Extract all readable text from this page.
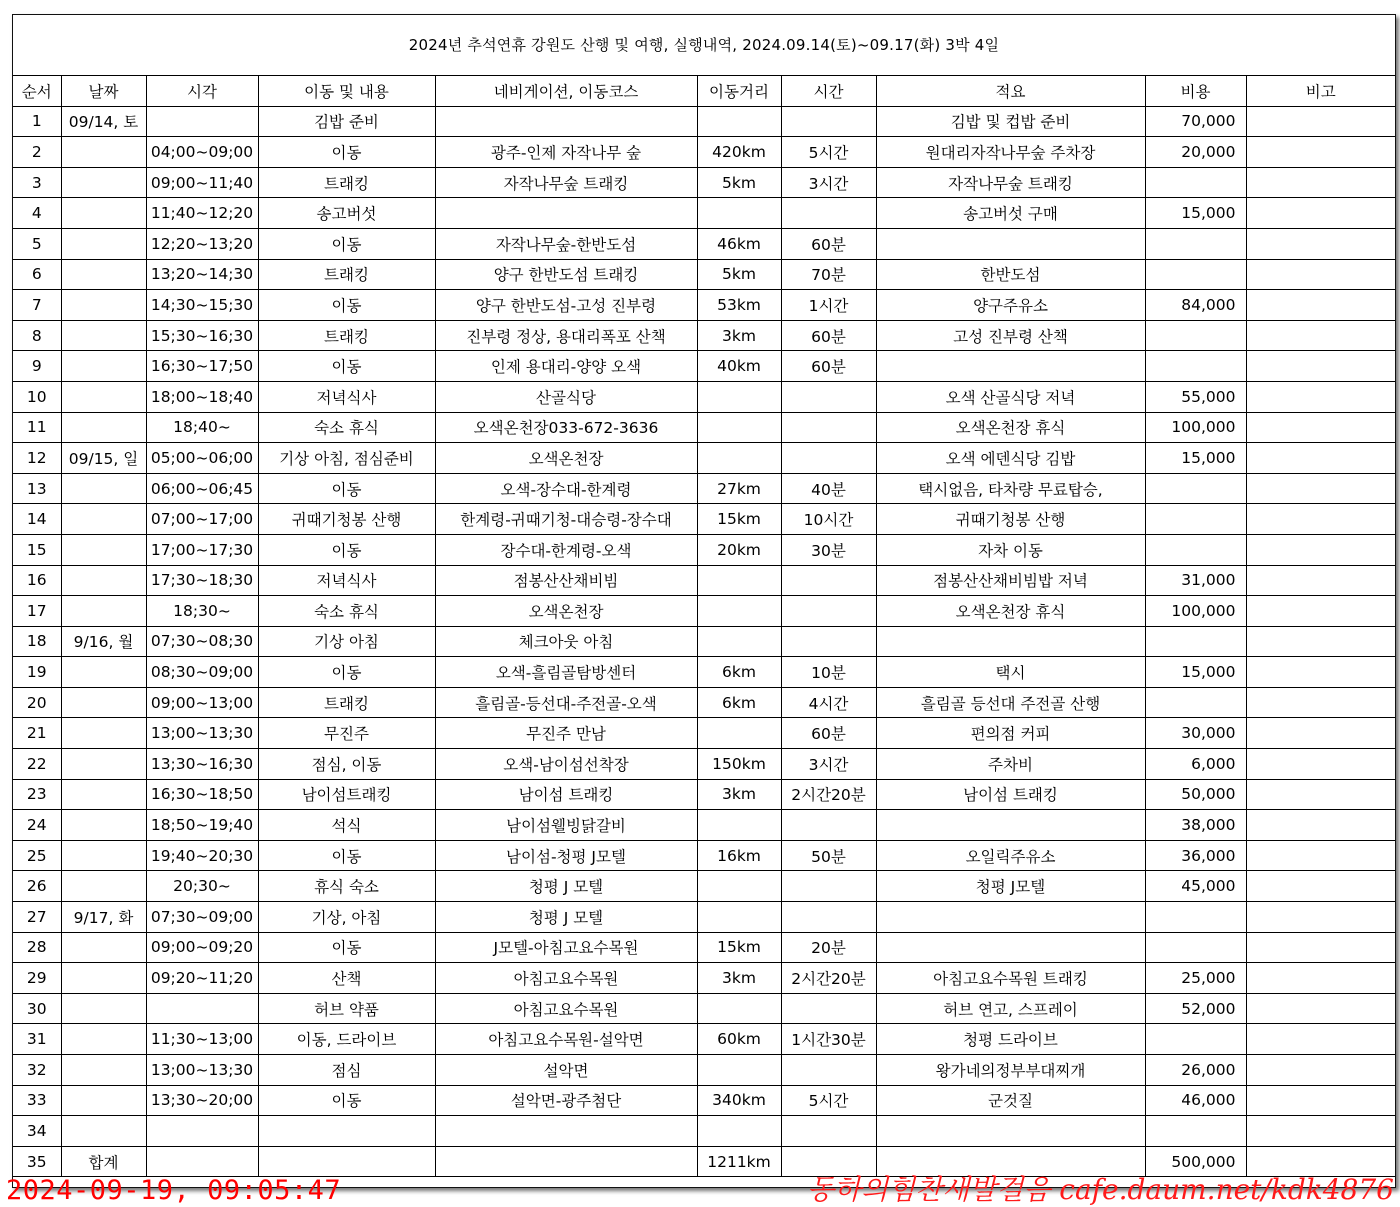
2024년 추석연휴 강원도 산행 및 여행, 실행내역, 2024.09.14(토)~09.17(화) 3박 4일
순서	날짜	시각	이동 및 내용	네비게이션, 이동코스	이동거리	시간	적요	비용	비고
1	09/14, 토		김밥 준비				김밥 및 컵밥 준비	70,000	
2		04;00~09;00	이동	광주-인제 자작나무 숲	420km	5시간	원대리자작나무숲 주차장	20,000	
3		09;00~11;40	트래킹	자작나무숲 트래킹	5km	3시간	자작나무숲 트래킹		
4		11;40~12;20	송고버섯				송고버섯 구매	15,000	
5		12;20~13;20	이동	자작나무숲-한반도섬	46km	60분			
6		13;20~14;30	트래킹	양구 한반도섬 트래킹	5km	70분	한반도섬		
7		14;30~15;30	이동	양구 한반도섬-고성 진부령	53km	1시간	양구주유소	84,000	
8		15;30~16;30	트래킹	진부령 정상, 용대리폭포 산책	3km	60분	고성 진부령 산책		
9		16;30~17;50	이동	인제 용대리-양양 오색	40km	60분			
10		18;00~18;40	저녁식사	산골식당			오색 산골식당 저녁	55,000	
11		18;40~	숙소 휴식	오색온천장033-672-3636			오색온천장 휴식	100,000	
12	09/15, 일	05;00~06;00	기상 아침, 점심준비	오색온천장			오색 에덴식당 김밥	15,000	
13		06;00~06;45	이동	오색-장수대-한계령	27km	40분	택시없음, 타차량 무료탑승,		
14		07;00~17;00	귀때기청봉 산행	한계령-귀때기청-대승령-장수대	15km	10시간	귀때기청봉 산행		
15		17;00~17;30	이동	장수대-한계령-오색	20km	30분	자차 이동		
16		17;30~18;30	저녁식사	점봉산산채비빔			점봉산산채비빔밥 저녁	31,000	
17		18;30~	숙소 휴식	오색온천장			오색온천장 휴식	100,000	
18	9/16, 월	07;30~08;30	기상 아침	체크아웃 아침					
19		08;30~09;00	이동	오색-흘림골탐방센터	6km	10분	택시	15,000	
20		09;00~13;00	트래킹	흘림골-등선대-주전골-오색	6km	4시간	흘림골 등선대 주전골 산행		
21		13;00~13;30	무진주	무진주 만남		60분	편의점 커피	30,000	
22		13;30~16;30	점심, 이동	오색-남이섬선착장	150km	3시간	주차비	6,000	
23		16;30~18;50	남이섬트래킹	남이섬 트래킹	3km	2시간20분	남이섬 트래킹	50,000	
24		18;50~19;40	석식	남이섬웰빙닭갈비				38,000	
25		19;40~20;30	이동	남이섬-청평 J모텔	16km	50분	오일릭주유소	36,000	
26		20;30~	휴식 숙소	청평 J 모텔			청평 J모텔	45,000	
27	9/17, 화	07;30~09;00	기상, 아침	청평 J 모텔					
28		09;00~09;20	이동	J모텔-아침고요수목원	15km	20분			
29		09;20~11;20	산책	아침고요수목원	3km	2시간20분	아침고요수목원 트래킹	25,000	
30			허브 약품	아침고요수목원			허브 연고, 스프레이	52,000	
31		11;30~13;00	이동, 드라이브	아침고요수목원-설악면	60km	1시간30분	청평 드라이브		
32		13;00~13;30	점심	설악면			왕가네의정부부대찌개	26,000	
33		13;30~20;00	이동	설악면-광주첨단	340km	5시간	군것질	46,000	
34									
35	합계				1211km			500,000	
2024-09-19, 09:05:47	동하의힘찬새발걸음 cafe.daum.net/kdk4876
